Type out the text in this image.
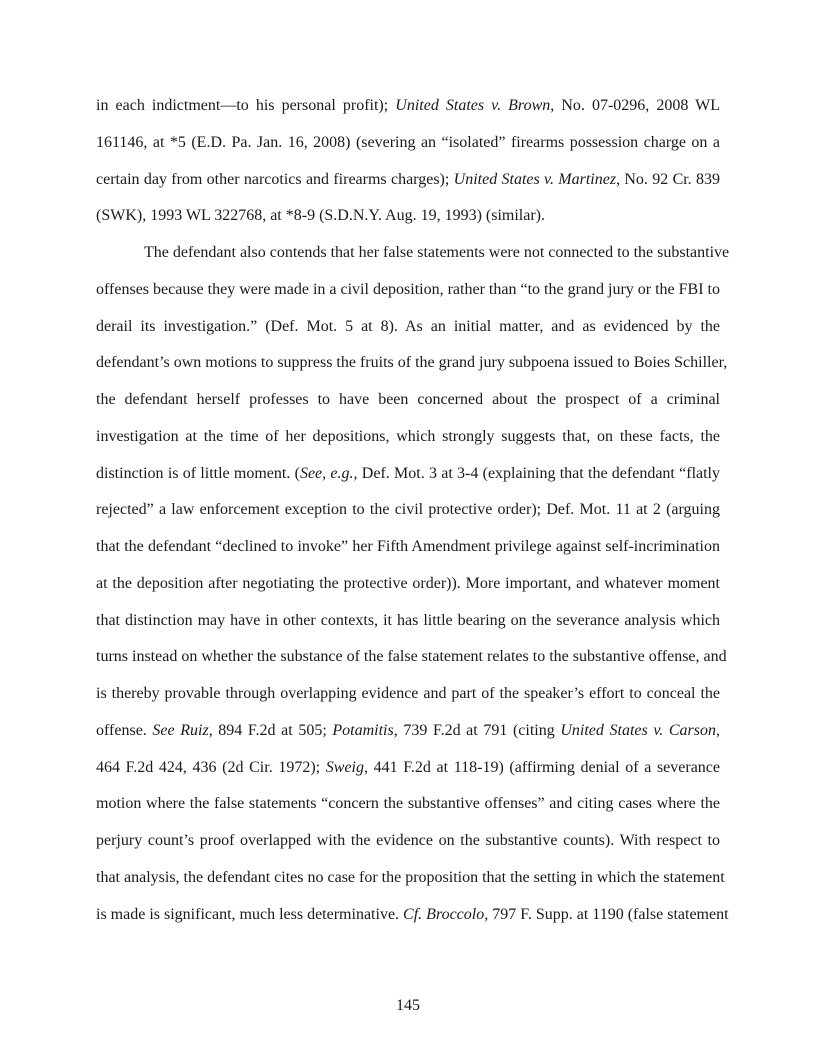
in each indictment—to his personal profit); United States v. Brown, No. 07-0296, 2008 WL
161146, at *5 (E.D. Pa. Jan. 16, 2008) (severing an “isolated” firearms possession charge on a
certain day from other narcotics and firearms charges); United States v. Martinez, No. 92 Cr. 839
(SWK), 1993 WL 322768, at *8-9 (S.D.N.Y. Aug. 19, 1993) (similar).
The defendant also contends that her false statements were not connected to the substantive
offenses because they were made in a civil deposition, rather than “to the grand jury or the FBI to
derail its investigation.” (Def. Mot. 5 at 8). As an initial matter, and as evidenced by the
defendant’s own motions to suppress the fruits of the grand jury subpoena issued to Boies Schiller,
the defendant herself professes to have been concerned about the prospect of a criminal
investigation at the time of her depositions, which strongly suggests that, on these facts, the
distinction is of little moment. (See, e.g., Def. Mot. 3 at 3-4 (explaining that the defendant “flatly
rejected” a law enforcement exception to the civil protective order); Def. Mot. 11 at 2 (arguing
that the defendant “declined to invoke” her Fifth Amendment privilege against self-incrimination
at the deposition after negotiating the protective order)). More important, and whatever moment
that distinction may have in other contexts, it has little bearing on the severance analysis which
turns instead on whether the substance of the false statement relates to the substantive offense, and
is thereby provable through overlapping evidence and part of the speaker’s effort to conceal the
offense. See Ruiz, 894 F.2d at 505; Potamitis, 739 F.2d at 791 (citing United States v. Carson,
464 F.2d 424, 436 (2d Cir. 1972); Sweig, 441 F.2d at 118-19) (affirming denial of a severance
motion where the false statements “concern the substantive offenses” and citing cases where the
perjury count’s proof overlapped with the evidence on the substantive counts). With respect to
that analysis, the defendant cites no case for the proposition that the setting in which the statement
is made is significant, much less determinative. Cf. Broccolo, 797 F. Supp. at 1190 (false statement
145
